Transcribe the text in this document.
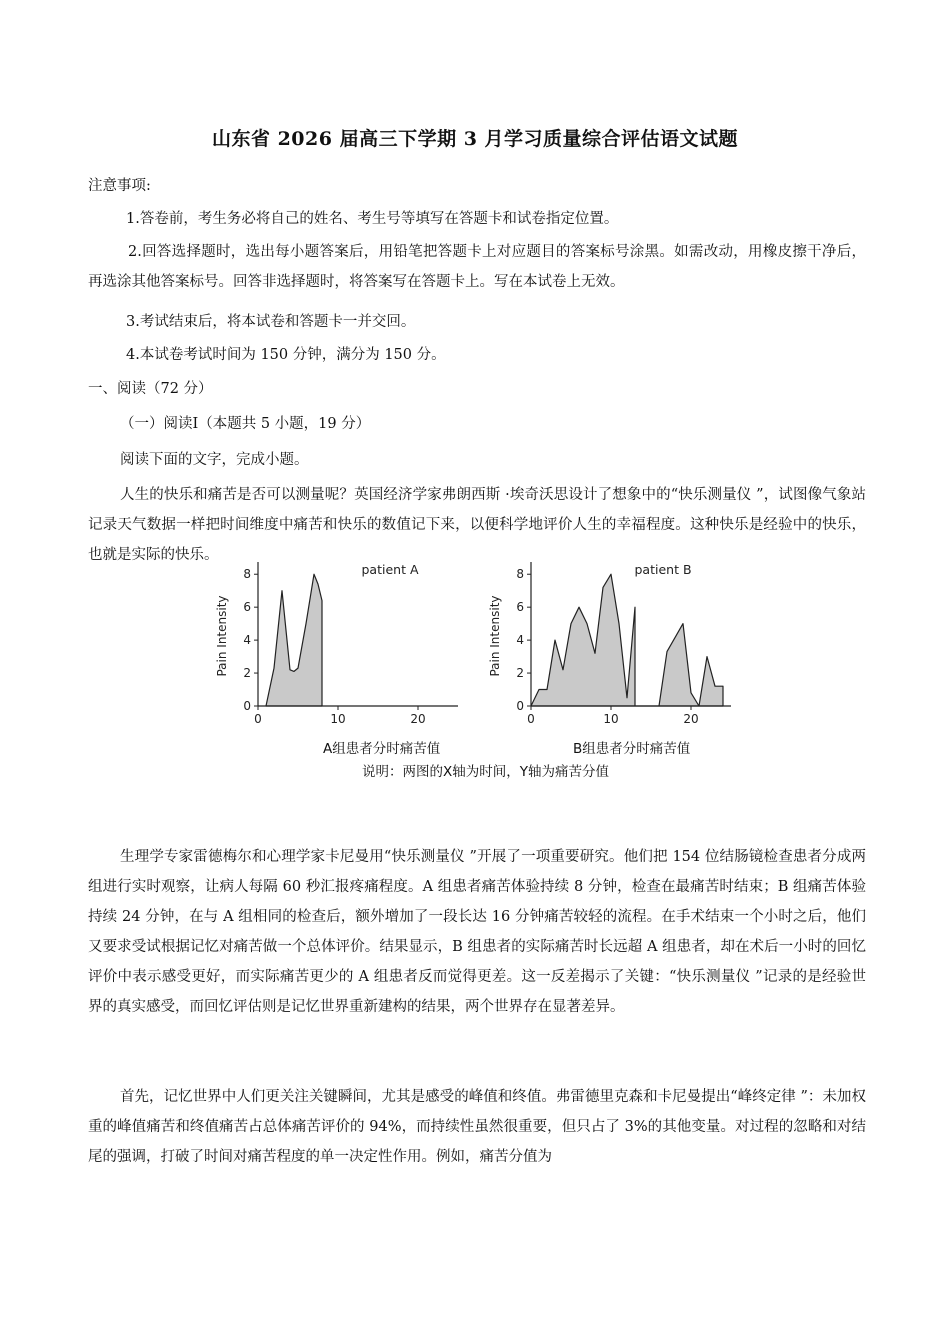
山东省 2026 届高三下学期 3 月学习质量综合评估语文试题
注意事项:
1.答卷前，考生务必将自己的姓名、考生号等填写在答题卡和试卷指定位置。
2.回答选择题时，选出每小题答案后，用铅笔把答题卡上对应题目的答案标号涂黑。如需改动，用橡皮擦干净后，再选涂其他答案标号。回答非选择题时，将答案写在答题卡上。写在本试卷上无效。
3.考试结束后，将本试卷和答题卡一并交回。
4.本试卷考试时间为 150 分钟，满分为 150 分。
一、阅读（72 分）
（一）阅读Ⅰ（本题共 5 小题，19 分）
阅读下面的文字，完成小题。
人生的快乐和痛苦是否可以测量呢？英国经济学家弗朗西斯 ·埃奇沃思设计了想象中的“快乐测量仪 ”，试图像气象站记录天气数据一样把时间维度中痛苦和快乐的数值记下来，以便科学地评价人生的幸福程度。这种快乐是经验中的快乐，也就是实际的快乐。
0
2
4
6
8
0	10	20
Pain Intensity
patient A
0
2
4
6
8
0	10	20
Pain Intensity
patient B
A组患者分时痛苦值	B组患者分时痛苦值
说明：两图的X轴为时间，Y轴为痛苦分值
生理学专家雷德梅尔和心理学家卡尼曼用“快乐测量仪 ”开展了一项重要研究。他们把 154 位结肠镜检查患者分成两组进行实时观察，让病人每隔 60 秒汇报疼痛程度。A 组患者痛苦体验持续 8 分钟，检查在最痛苦时结束；B 组痛苦体验持续 24 分钟，在与 A 组相同的检查后，额外增加了一段长达 16 分钟痛苦较轻的流程。在手术结束一个小时之后，他们又要求受试根据记忆对痛苦做一个总体评价。结果显示，B 组患者的实际痛苦时长远超 A 组患者，却在术后一小时的回忆评价中表示感受更好，而实际痛苦更少的 A 组患者反而觉得更差。这一反差揭示了关键：“快乐测量仪 ”记录的是经验世界的真实感受，而回忆评估则是记忆世界重新建构的结果，两个世界存在显著差异。
首先，记忆世界中人们更关注关键瞬间，尤其是感受的峰值和终值。弗雷德里克森和卡尼曼提出“峰终定律 ”：未加权重的峰值痛苦和终值痛苦占总体痛苦评价的 94%，而持续性虽然很重要，但只占了 3%的其他变量。对过程的忽略和对结尾的强调，打破了时间对痛苦程度的单一决定性作用。例如，痛苦分值为
